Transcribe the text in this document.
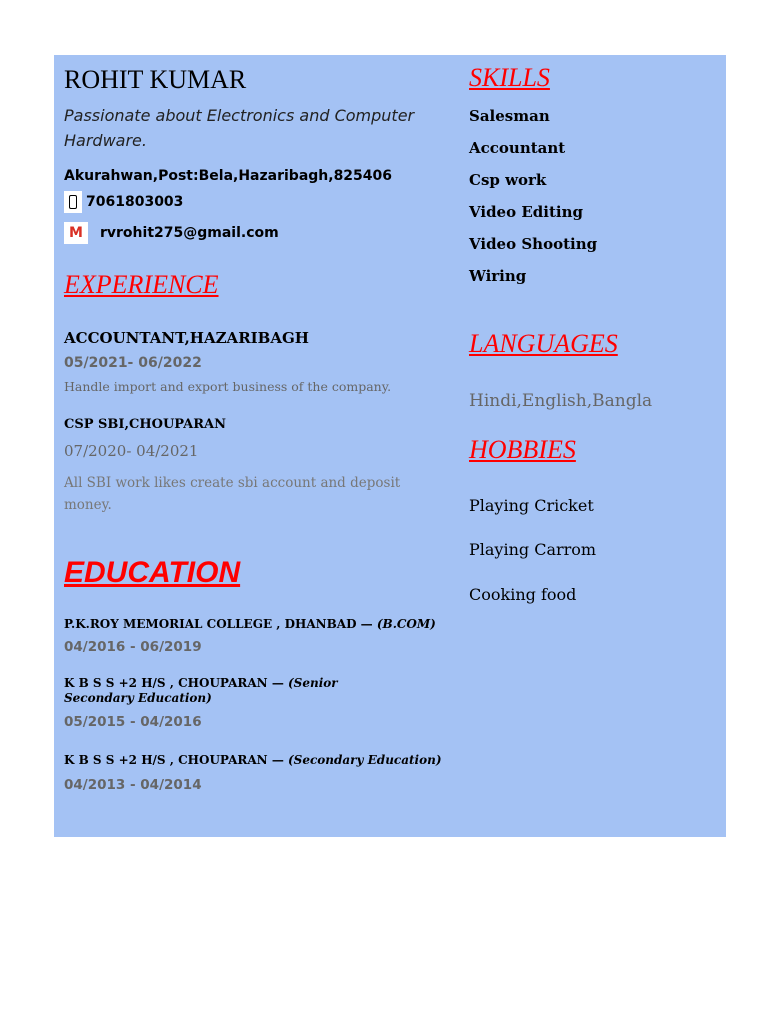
ROHIT KUMAR
Passionate about Electronics and Computer Hardware.
Akurahwan,Post:Bela,Hazaribagh,825406
7061803003
M	rvrohit275@gmail.com
EXPERIENCE
ACCOUNTANT,HAZARIBAGH
05/2021- 06/2022
Handle import and export business of the company.
CSP SBI,CHOUPARAN
07/2020- 04/2021
All SBI work likes create sbi account and deposit money.
EDUCATION
P.K.ROY MEMORIAL COLLEGE , DHANBAD — (B.COM)
04/2016 - 06/2019
K B S S +2 H/S , CHOUPARAN — (Senior Secondary Education)
05/2015 - 04/2016
K B S S +2 H/S , CHOUPARAN — (Secondary Education)
04/2013 - 04/2014
SKILLS
Salesman
Accountant
Csp work
Video Editing
Video Shooting
Wiring
LANGUAGES
Hindi,English,Bangla
HOBBIES
Playing Cricket
Playing Carrom
Cooking food
